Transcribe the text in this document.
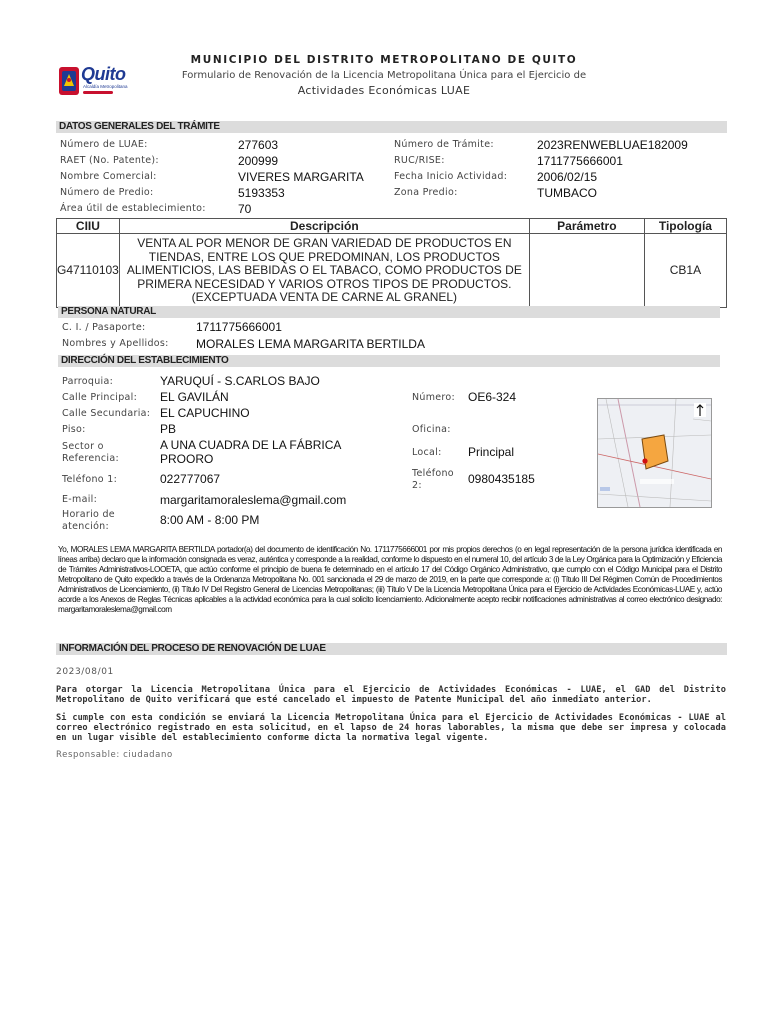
Quito
Alcaldía Metropolitana
MUNICIPIO DEL DISTRITO METROPOLITANO DE QUITO
Formulario de Renovación de la Licencia Metropolitana Única para el Ejercicio de
Actividades Económicas LUAE
DATOS GENERALES DEL TRÁMITE
Número de LUAE:	277603	Número de Trámite:	2023RENWEBLUAE182009
RAET (No. Patente):	200999	RUC/RISE:	1711775666001
Nombre Comercial:	VIVERES MARGARITA	Fecha Inicio Actividad: 2006/02/15
Número de Predio:	5193353	Zona Predio:	TUMBACO
Área útil de establecimiento:	70
CIIU	Descripción	Parámetro	Tipología
G47110103	VENTA AL POR MENOR DE GRAN VARIEDAD DE PRODUCTOS EN TIENDAS, ENTRE LOS QUE PREDOMINAN, LOS PRODUCTOS ALIMENTICIOS, LAS BEBIDAS O EL TABACO, COMO PRODUCTOS DE PRIMERA NECESIDAD Y VARIOS OTROS TIPOS DE PRODUCTOS. (EXCEPTUADA VENTA DE CARNE AL GRANEL)		CB1A
PERSONA NATURAL
C. I. / Pasaporte:	1711775666001
Nombres y Apellidos: MORALES LEMA MARGARITA BERTILDA
DIRECCIÓN DEL ESTABLECIMIENTO
Parroquia:	YARUQUÍ - S.CARLOS BAJO
Calle Principal: EL GAVILÁN	Número: OE6-324
Calle Secundaria: EL CAPUCHINO
Piso:	PB	Oficina:
Sector o
Referencia:
A UNA CUADRA DE LA FÁBRICA
PROORO	Local: Principal
Teléfono 1:	022777067	Teléfono
2:	0980435185
E-mail:	margaritamoraleslema@gmail.com
Horario de
atención:	8:00 AM - 8:00 PM
Yo, MORALES LEMA MARGARITA BERTILDA portador(a) del documento de identificación No. 1711775666001 por mis propios derechos (o en legal representación de la persona jurídica identificada en líneas arriba) declaro que la información consignada es veraz, auténtica y corresponde a la realidad, conforme lo dispuesto en el numeral 10, del artículo 3 de la Ley Orgánica para la Optimización y Eficiencia de Trámites Administrativos-LOOETA, que actúo conforme el principio de buena fe determinado en el artículo 17 del Código Orgánico Administrativo, que cumplo con el Código Municipal para el Distrito Metropolitano de Quito expedido a través de la Ordenanza Metropolitana No. 001 sancionada el 29 de marzo de 2019, en la parte que corresponde a: (i) Título III Del Régimen Común de Procedimientos Administrativos de Licenciamiento, (ii) Título IV Del Registro General de Licencias Metropolitanas; (iii) Título V De la Licencia Metropolitana Única para el Ejercicio de Actividades Económicas-LUAE y, actúo acorde a los Anexos de Reglas Técnicas aplicables a la actividad económica para la cual solicito licenciamiento. Adicionalmente acepto recibir notificaciones administrativas al correo electrónico designado: margaritamoraleslema@gmail.com
INFORMACIÓN DEL PROCESO DE RENOVACIÓN DE LUAE
2023/08/01
Para otorgar la Licencia Metropolitana Única para el Ejercicio de Actividades Económicas - LUAE, el GAD del Distrito Metropolitano de Quito verificará que esté cancelado el impuesto de Patente Municipal del año inmediato anterior.
Si cumple con esta condición se enviará la Licencia Metropolitana Única para el Ejercicio de Actividades Económicas - LUAE al correo electrónico registrado en esta solicitud, en el lapso de 24 horas laborables, la misma que debe ser impresa y colocada en un lugar visible del establecimiento conforme dicta la normativa legal vigente.
Responsable: ciudadano
